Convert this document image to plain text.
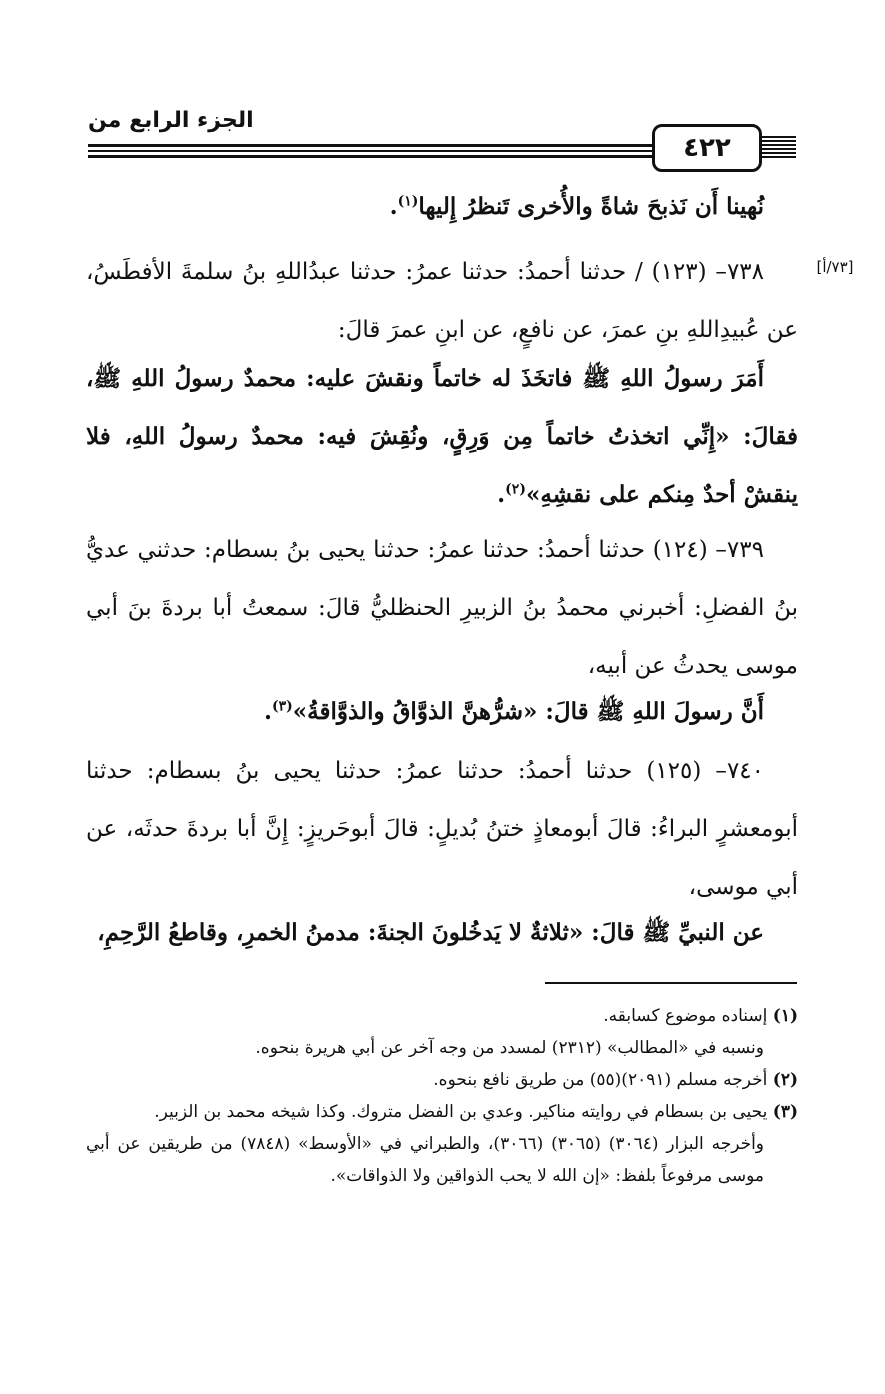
الجزء الرابع من
٤٢٢
[٧٣/أ]
نُهينا أَن نَذبحَ شاةً والأُخرى تَنظرُ إِليها$^{(١)}$.
٧٣٨– (١٢٣) / حدثنا أحمدُ: حدثنا عمرُ: حدثنا عبدُاللهِ بنُ سلمةَ الأفطَسُ، عن عُبيدِاللهِ بنِ عمرَ، عن نافعٍ، عن ابنِ عمرَ قالَ:
أَمَرَ رسولُ اللهِ ﷺ فاتخَذَ له خاتماً ونقشَ عليه: محمدٌ رسولُ اللهِ ﷺ، فقالَ: «إِنِّي اتخذتُ خاتماً مِن وَرِقٍ، ونُقِشَ فيه: محمدٌ رسولُ اللهِ، فلا ينقشْ أحدٌ مِنكم على نقشِهِ»$^{(٢)}$.
٧٣٩– (١٢٤) حدثنا أحمدُ: حدثنا عمرُ: حدثنا يحيى بنُ بسطام: حدثني عديُّ بنُ الفضلِ: أخبرني محمدُ بنُ الزبيرِ الحنظليُّ قالَ: سمعتُ أبا بردةَ بنَ أبي موسى يحدثُ عن أبيه،
أَنَّ رسولَ اللهِ ﷺ قالَ: «شرُّهنَّ الذوَّاقُ والذوَّاقةُ»$^{(٣)}$.
٧٤٠– (١٢٥) حدثنا أحمدُ: حدثنا عمرُ: حدثنا يحيى بنُ بسطام: حدثنا أبومعشرٍ البراءُ: قالَ أبومعاذٍ ختنُ بُديلٍ: قالَ أبوحَريزٍ: إِنَّ أبا بردةَ حدثَه، عن أبي موسى،
عن النبيِّ ﷺ قالَ: «ثلاثةٌ لا يَدخُلونَ الجنةَ: مدمنُ الخمرِ، وقاطعُ الرَّحِمِ،

(١) إسناده موضوع كسابقه.

ونسبه في «المطالب» (٢٣١٢) لمسدد من وجه آخر عن أبي هريرة بنحوه.

(٢) أخرجه مسلم (٢٠٩١)(٥٥) من طريق نافع بنحوه.

(٣) يحيى بن بسطام في روايته مناكير. وعدي بن الفضل متروك. وكذا شيخه محمد بن الزبير.

وأخرجه البزار (٣٠٦٤) (٣٠٦٥) (٣٠٦٦)، والطبراني في «الأوسط» (٧٨٤٨) من طريقين عن أبي موسى مرفوعاً بلفظ: «إن الله لا يحب الذواقين ولا الذواقات».
